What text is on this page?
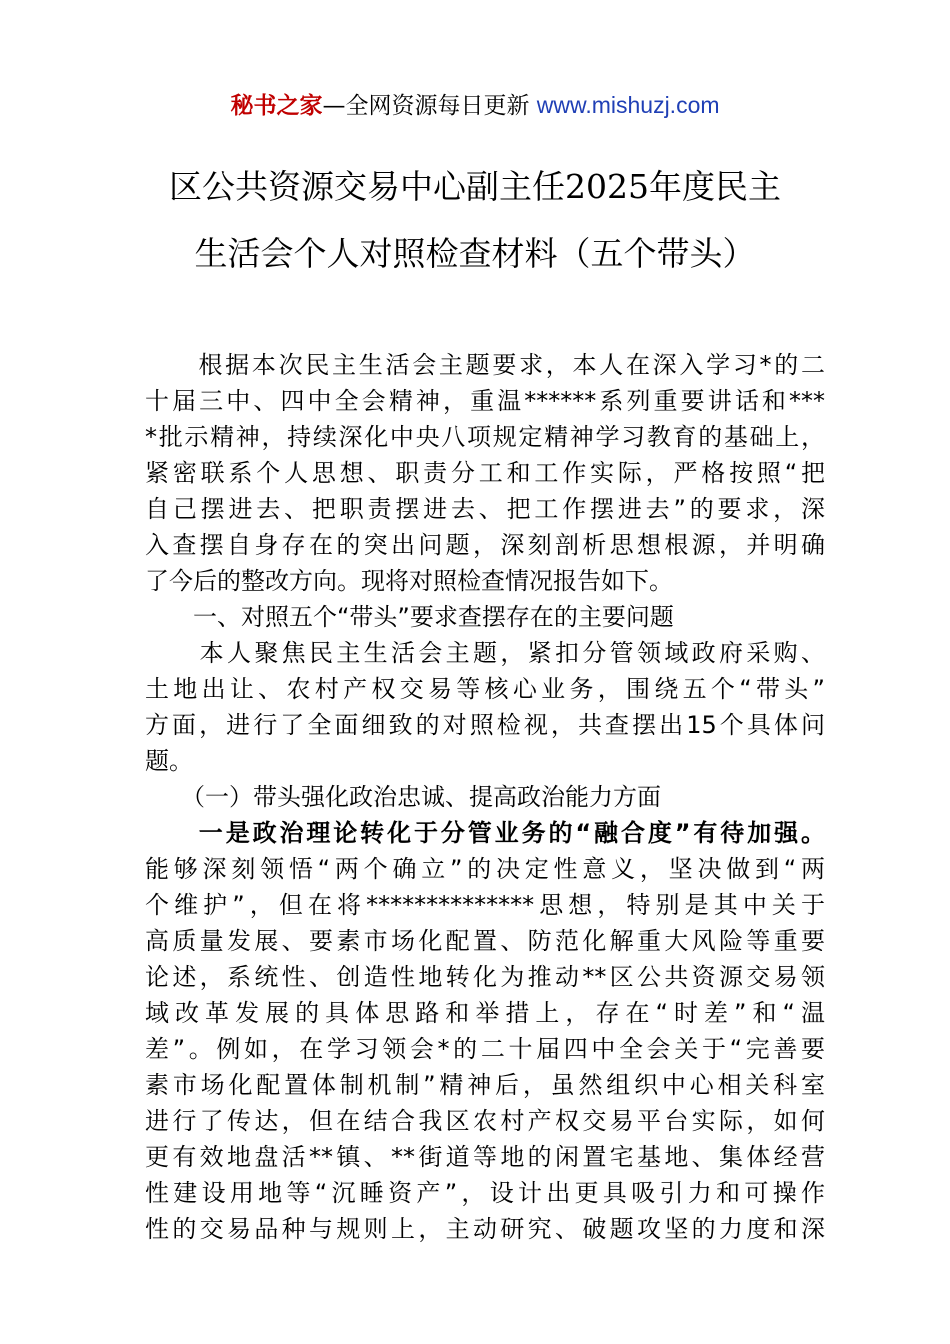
秘书之家—全网资源每日更新 www.mishuzj.com
区公共资源交易中心副主任2025年度民主
生活会个人对照检查材料（五个带头）
　　根据本次民主生活会主题要求，本人在深入学习*的二
十届三中、四中全会精神，重温******系列重要讲话和***
*批示精神，持续深化中央八项规定精神学习教育的基础上，
紧密联系个人思想、职责分工和工作实际，严格按照“把
自己摆进去、把职责摆进去、把工作摆进去”的要求，深
入查摆自身存在的突出问题，深刻剖析思想根源，并明确
了今后的整改方向。现将对照检查情况报告如下。
　　一、对照五个“带头”要求查摆存在的主要问题
　　本人聚焦民主生活会主题，紧扣分管领域政府采购、
土地出让、农村产权交易等核心业务，围绕五个“带头”
方面，进行了全面细致的对照检视，共查摆出15个具体问
题。
　　（一）带头强化政治忠诚、提高政治能力方面
　　一是政治理论转化于分管业务的“融合度”有待加强。
能够深刻领悟“两个确立”的决定性意义，坚决做到“两
个维护”，但在将**************思想，特别是其中关于
高质量发展、要素市场化配置、防范化解重大风险等重要
论述，系统性、创造性地转化为推动**区公共资源交易领
域改革发展的具体思路和举措上，存在“时差”和“温
差”。例如，在学习领会*的二十届四中全会关于“完善要
素市场化配置体制机制”精神后，虽然组织中心相关科室
进行了传达，但在结合我区农村产权交易平台实际，如何
更有效地盘活**镇、**街道等地的闲置宅基地、集体经营
性建设用地等“沉睡资产”，设计出更具吸引力和可操作
性的交易品种与规则上，主动研究、破题攻坚的力度和深
